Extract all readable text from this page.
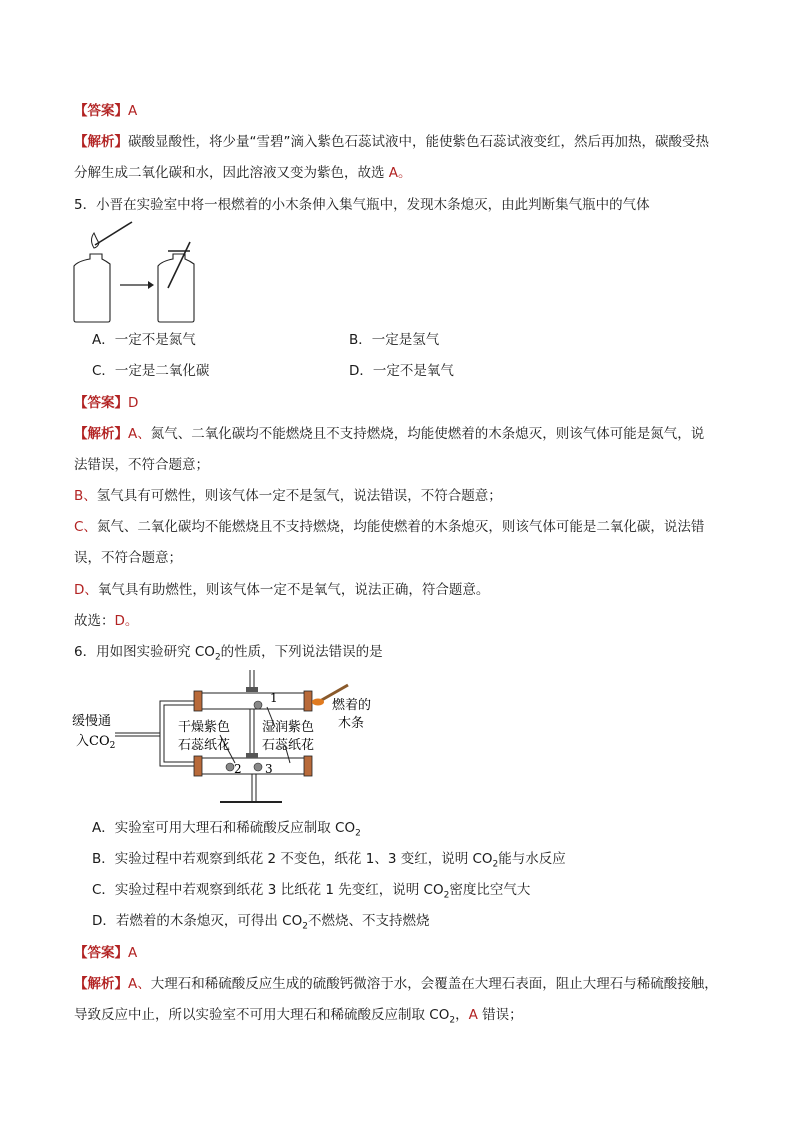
【答案】A
【解析】碳酸显酸性，将少量“雪碧”滴入紫色石蕊试液中，能使紫色石蕊试液变红，然后再加热，碳酸受热
分解生成二氧化碳和水，因此溶液又变为紫色，故选 A。
5．小晋在实验室中将一根燃着的小木条伸入集气瓶中，发现木条熄灭，由此判断集气瓶中的气体
A．一定不是氮气	B．一定是氢气
C．一定是二氧化碳	D．一定不是氧气
【答案】D
【解析】A、氮气、二氧化碳均不能燃烧且不支持燃烧，均能使燃着的木条熄灭，则该气体可能是氮气，说
法错误，不符合题意；
B、氢气具有可燃性，则该气体一定不是氢气，说法错误，不符合题意；
C、氮气、二氧化碳均不能燃烧且不支持燃烧，均能使燃着的木条熄灭，则该气体可能是二氧化碳，说法错
误，不符合题意；
D、氧气具有助燃性，则该气体一定不是氧气，说法正确，符合题意。
故选：D。
6．用如图实验研究 $CO_2$的性质，下列说法错误的是
1
2 3
缓慢通
入$CO_2$
干燥紫色
石蕊纸花
湿润紫色
石蕊纸花
燃着的
木条
A．实验室可用大理石和稀硫酸反应制取 $CO_2$
B．实验过程中若观察到纸花 2 不变色，纸花 1、3 变红，说明 $CO_2$能与水反应
C．实验过程中若观察到纸花 3 比纸花 1 先变红，说明 $CO_2$密度比空气大
D．若燃着的木条熄灭，可得出 $CO_2$不燃烧、不支持燃烧
【答案】A
【解析】A、大理石和稀硫酸反应生成的硫酸钙微溶于水，会覆盖在大理石表面，阻止大理石与稀硫酸接触，
导致反应中止，所以实验室不可用大理石和稀硫酸反应制取 $CO_2$，A 错误；
